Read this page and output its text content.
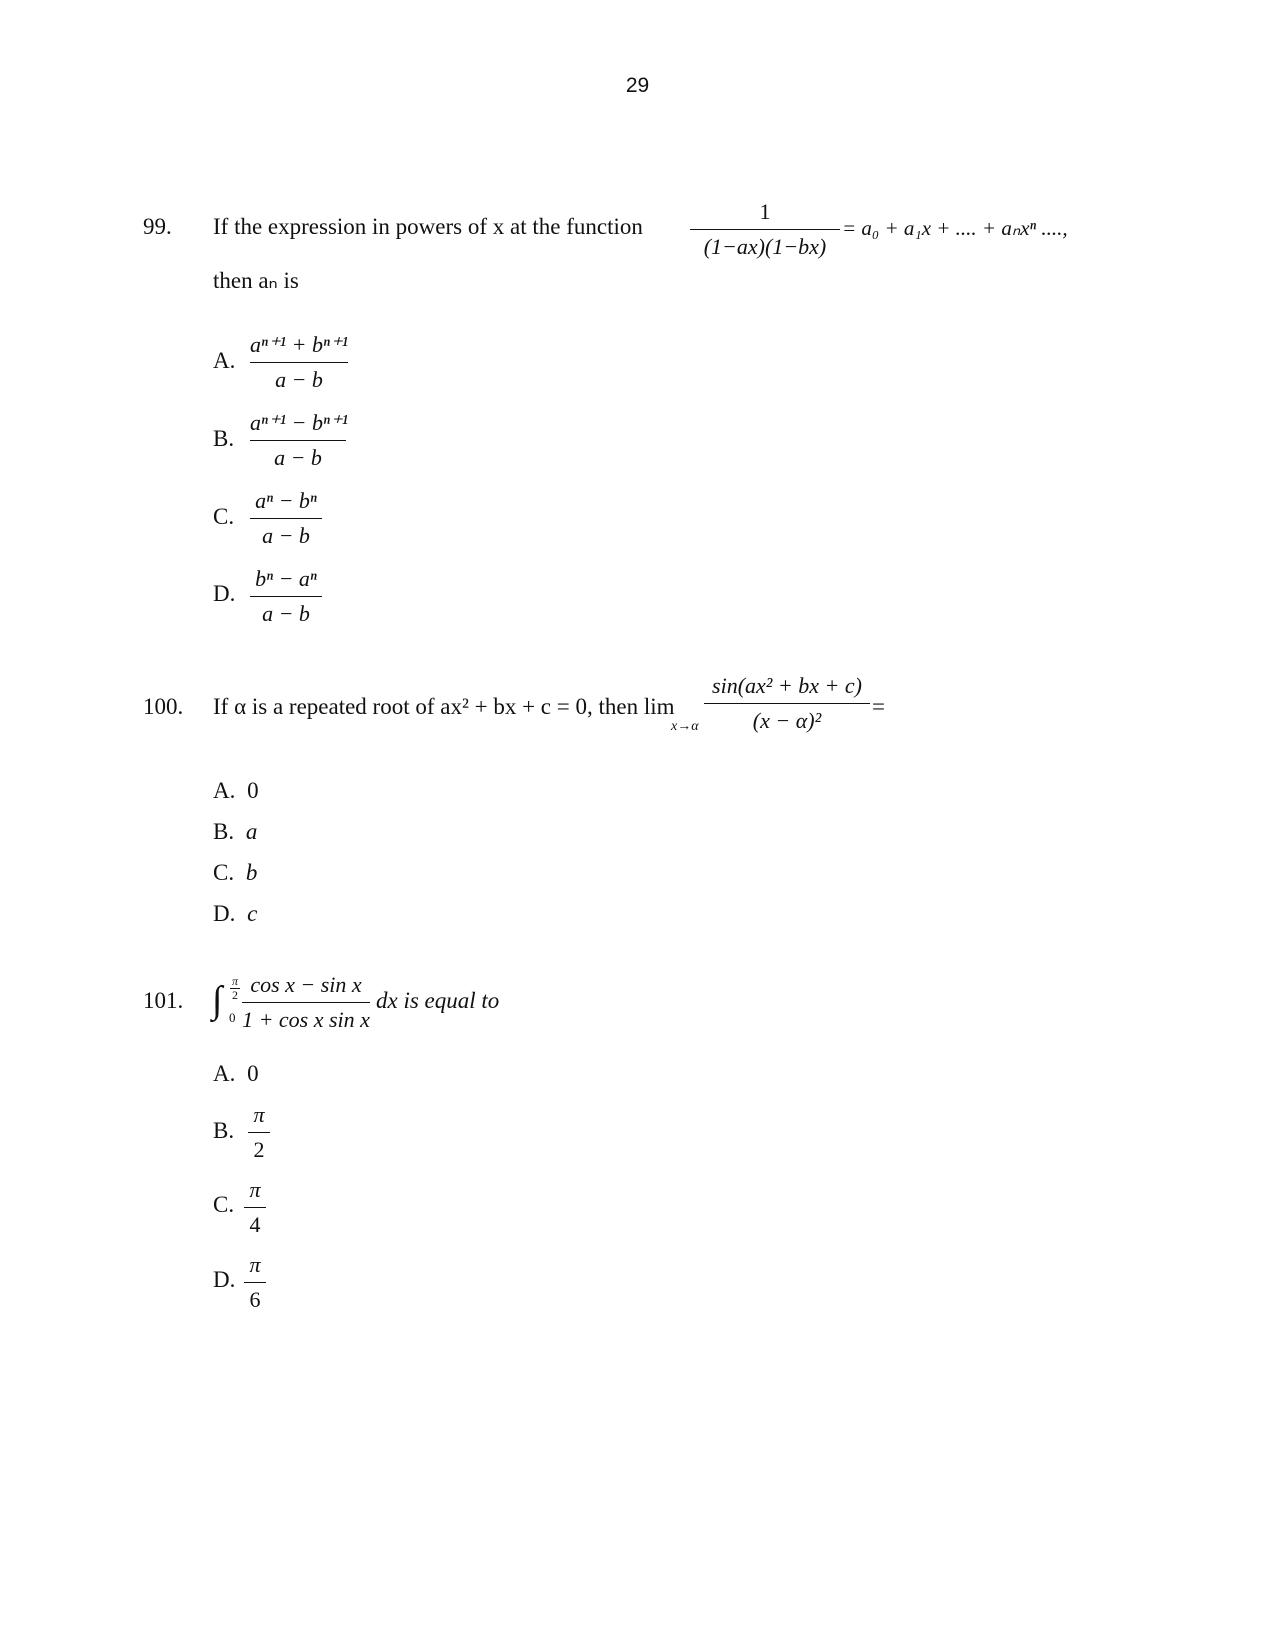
29
99. If the expression in powers of x at the function
1
(1−ax)(1−bx)
= a₀ + a₁x + .... + aₙxⁿ ....,
then aₙ is
A.
aⁿ⁺¹ + bⁿ⁺¹
a − b
B.
aⁿ⁺¹ − bⁿ⁺¹
a − b
C.
aⁿ − bⁿ
a − b
D.
bⁿ − aⁿ
a − b
100. If α is a repeated root of ax² + bx + c = 0, then lim
x→α
sin(ax² + bx + c)
(x − α)²
=
A. 0
B. a
C. b
D. c
101. ∫ $\frac{\pi}{2}$
0
cos x − sin x
1 + cos x sin x
dx is equal to
A. 0
B.
π
2
C.
π
4
D.
π
6
